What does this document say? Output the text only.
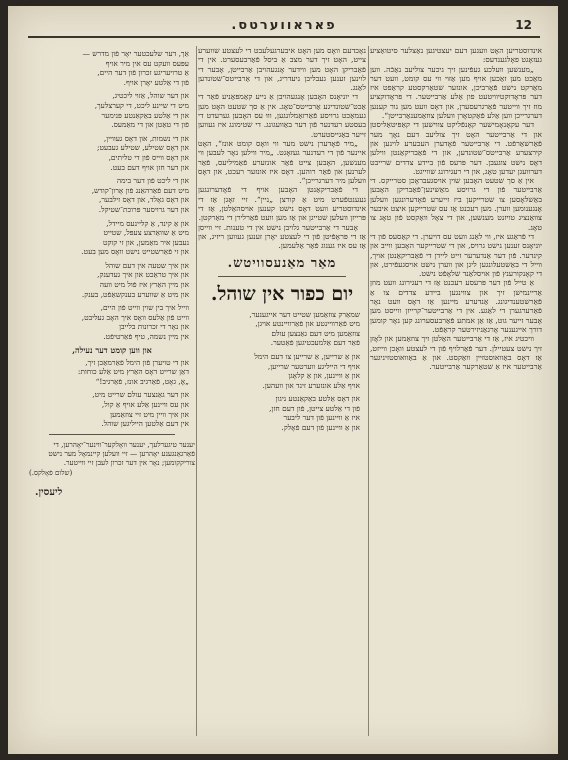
12
פאראווערטס.

אינדוסטריען האָט וועגען דעם יעצטיגען נאַצלער סיטואַציע געזאָגט פאָלגענדעס:

„מענשען וועלכע געפֿינען זיך גיכער צוליעב נאַכֿה. ווען מאַכט מען זאַכען אויף מען אַזוי ווי עס קומט, וועט דער מאַרקט נישט פֿאַרביכן, אונזער שטאַרקסטע קראַפט איז דער פּראָדוקטיוויטעט פון אַלע אַרבייטער. די פּראָדוקציע מוז זיך ווייטער פֿאַרגרעסערן, און דאָס וועט מען נור קענען דערגרייכן ווען אַלע פֿאַקטאָרן וועלען צוזאַמענאַרבייטן“.

דער עקאָנאָמישער קאָנפֿליקט צווישען די קאַפּיטאַליסטן און די אַרבייטער האָט זיך צוליעב דעם נאָך מער פֿאַרשאַרפֿט. די אַרבייטער פֿאָדערן העכערע לוינען און קירצערע אַרבייטס־שטונדען, און די פֿאַבריקאַנטן ווילען דאָס נישט צוגעבן. דער פּרעס פֿון ביידע צדדים שרייבט דערוועגן יעדען טאָג, און די רעגירונג שווייגט.

אין אַ סך שטעט האָבען שוין אויסגעבראָכן סטרייקס. די אַרבייטער פֿון די גרויסע מאַשינען־פֿאַבריקן האָבען באַשלאָסען צו שטרייקען ביז זייערע פֿאָדערונגען וועלען אָנגענומען ווערן. מען רעכנט אַז עס שטרייקען איצט איבער צוואַנציג טויזנט מענשען, און די צאָל וואַקסט פֿון טאָג צו טאָג.

די פֿראַגע איז, ווי לאַנג וועט עס דויערן. די קאַסעס פֿון די יוניאָנס זענען נישט גרויס, און די שטרייקער האָבען ווייב און קינדער. פֿון דער אַנדערער זייט ליידן די פֿאַבריקאַנטן אויך, ווייל די באַשטעלונגען ליגן און ווערן נישט אויסגעפֿירט, און די קאָנקורענץ פֿון אויסלאַנד שלאָפֿט נישט.

אַ טייל פֿון דער פּרעסע רעכנט אַז די רעגירונג וועט מוזן אַריינמישן זיך און צווינגען ביידע צדדים צו אַ פֿאַרשטענדיגונג. אַנדערע מיינען אַז דאָס וועט נאָר פֿאַרערגערן די לאַגע. אין די אַרבייטער־קרייזן ווייסט מען אָבער זייער גוט, אַז אַן אמתע פֿאַרבעסערונג קען נאָר קומען דורך אייגענער אָרגאַניזירטער קראַפֿט.

וויכטיג איז, אַז די אַרבייטער האַלטן זיך צוזאַמען און לאָזן זיך נישט צעטיילן. דער פֿאַרלויף פֿון די לעצטע וואָכן ווייזט, אַז דאָס באַוואוסטזיין וואַקסט. און אַ באַוואוסטזיניגער אַרבייטער איז אַ שטאַרקער אַרבייטער.

נאָכדעם וואָס מען האָט איבערגעלעבט די לעצטע שווערע צייט, האָט זיך דער מצב אַ ביסל פֿאַרבעסערט. אין די פֿאַבריקן האָט מען ווידער אָנגעהויבן אַרבייטן, אָבער די לוינען זענען געבליבן ניעדריג, און די אַרבייטס־שטונדען לאַנג.

די יוניאָנס האָבען אָנגעהויבן אַ נייע קאַמפּאַניע פֿאַר די אַכט־שטונדיגע אַרבייטס־טאָג. אין אַ סך שטעט האָט מען געמאַכט גרויסע פֿאַרזאַמלונגען, וווּ עס האָבען גערעדט די בעסטע רעדנער פֿון דער באַוועגונג. די שטימונג איז געווען זייער באַגייסטערט.

„מיר פֿאָדערן נישט מער ווי וואָס קומט אונז“, האָט איינער פֿון די רעדנער געזאָגט. „מיר ווילען נאָר לעבען ווי מענשען, האָבען צייט פֿאַר אונזערע פֿאַמיליעס, פֿאַר לערנען און פֿאַר רוהען. דאָס איז אונזער רעכט, און דאָס וועלען מיר דערגרייכן“.

די פֿאַבריקאַנטן האָבען אויף די פֿאָדערונגען געענטפֿערט מיט אַ קורצן „ניין“. זיי זאָגן אַז די אינדוסטריע וועט דאָס נישט קענען אויסהאַלטן, אַז די פּרייזן וועלען שטייגן און אַז מען וועט פֿאַרלירן די מאַרקטן.

אָבער די אַרבייטער גלויבן נישט אין די טענות. זיי ווייסן אַז די פּראָפֿיטן פֿון די לעצטע יאָרן זענען געווען ריזיג, און אַז עס איז גענוג פֿאַר אַלעמען.

מאַר מאַנעסוויטש.
יום כפור אין שוהל.

שמאַרק צוזאַמען שטייט דער אייגענער,

מיט פֿאַרוויינטע און פֿאַרוויינטע אויגן,

צוזאַמען מיט דעם גאַנצען עולם

פֿאַר דעם אַלמעכטיגען פֿאַטער.

און אַ שרייען, אַ שרייען צו דעם הימל

אויף די הייליגע ווערטער שרייען,

און אַ וויינען, און אַ קלאָגן

אויף אַלע אונזערע זינד און וועהען.

און דאָס אַלטע באַקאַנטע ניגון

פֿון די אַלטע צייטן, פֿון דעם חזן,

איז אַ וויינען פֿון דער ליבער

און אַ וויינען פֿון דעם פֿאָלק.

אַך, דער שלעכטער יאָר פֿון מדרש —

עפּעס וועקט עס אין מיר אויף

אַ טרויעריגע זכרון פֿון דער היים,

פֿון די אַלטע יאָרן אויף.

און דער שוהל, אַזוי ליכטיג,

מיט די שיינע ליכט, די קערצלעך,

און די אַלטע באַקאַנטע פּנימער

פֿון די טאַטן און די מאַמעס.

און די נשמות, און דאָס געוויין,

און דאָס שטילע, שטילע געבעט;

און דאָס ווייס פֿון די טליתים,

און דער חזן אויף דעם בעט.

און די ליכט פֿון דער בימה

מיט דעם פֿאַרהאַנג פֿון אָרון־קודש,

און דאָס גאָלד, און דאָס זילבער,

און דער גרויסער פּרוכת־שטיקל.

און אַ קינד, אַ קליינעס מיידל,

מיט אַ שוואַרצע צעפּל, שטייט

נעבען איר מאַמען, און זי קוקט

און זי פֿאַרשטייט נישט וואָס מען בעט.

און איך שטעה אין דעם שוהל

און איך טראַכט און איך געדענק,

און מיין האַרץ איז פֿול מיט וועה

און מיט אַ שווערע בענקשאַפֿט, בענק.

ווייל איך בין שוין ווייט פֿון היים,

ווייט פֿון אַלעס וואָס איך האָב געליבט,

און נאָר די זכרונות בלייבן

אין מיין נשמה, טיף פֿאַרטיפֿט.

און ווען קומט דער נעילה,

און די טויערן פֿון הימל פֿאַרמאַכן זיך,

דאַן שרייט דאָס האַרץ מיט אַלע כוחות:

„אָ, גאָט, פֿאַרגיב אונז, פֿאַרגיב!“

און דער גאַנצער עולם שרייט מיט,

און עס וויינען אַלע אויף אַ קול,

און איך וויין מיט זיי צוזאַמען

אין דעם אַלטען הייליגען שוהל.

יענער טיגערלעך, יענער וואָלקער־ווינער־יאָהרען, די פֿאַרגאַנגענע יאָהרען — זיי וועלען קיינמאָל מער נישט צוריקקומען; נאָר אין דער זכרון לעבן זיי ווייטער.

(שלום פֿאָלקס.)
ליעסין.
